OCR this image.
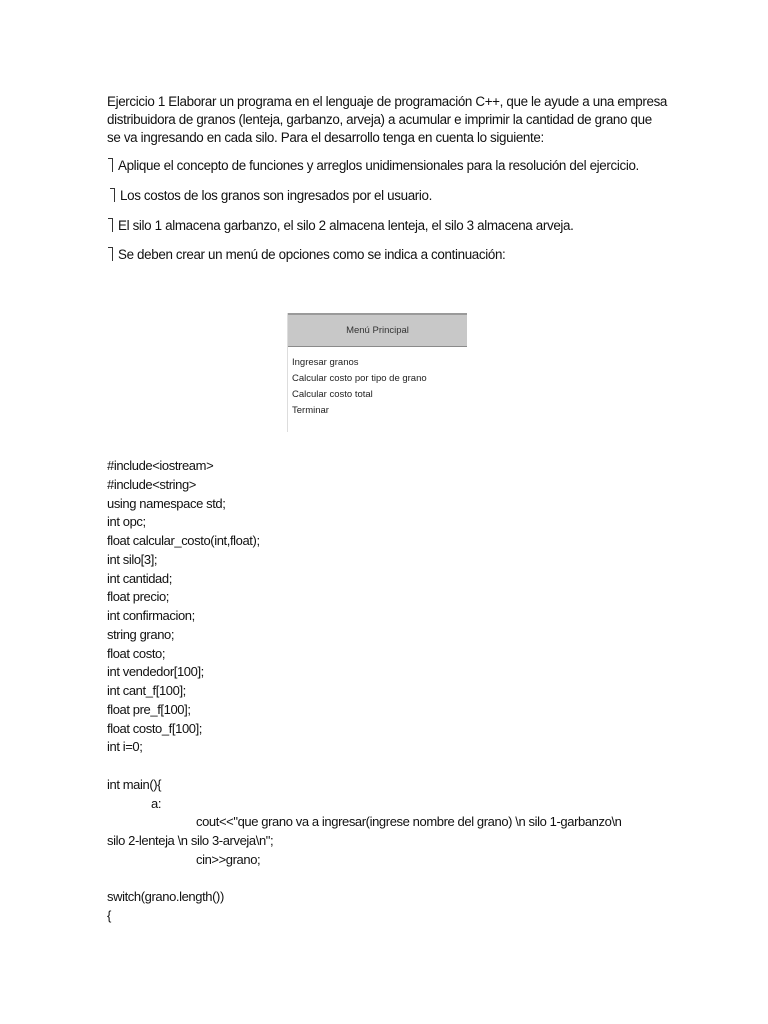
Ejercicio 1 Elaborar un programa en el lenguaje de programación C++, que le ayude a una empresa
distribuidora de granos (lenteja, garbanzo, arveja) a acumular e imprimir la cantidad de grano que
se va ingresando en cada silo. Para el desarrollo tenga en cuenta lo siguiente:
Aplique el concepto de funciones y arreglos unidimensionales para la resolución del ejercicio.
Los costos de los granos son ingresados por el usuario.
El silo 1 almacena garbanzo, el silo 2 almacena lenteja, el silo 3 almacena arveja.
Se deben crear un menú de opciones como se indica a continuación:
Menú Principal
Ingresar granos
Calcular costo por tipo de grano
Calcular costo total
Terminar
#include<iostream>
#include<string>
using namespace std;
int opc;
float calcular_costo(int,float);
int silo[3];
int cantidad;
float precio;
int confirmacion;
string grano;
float costo;
int vendedor[100];
int cant_f[100];
float pre_f[100];
float costo_f[100];
int i=0;
int main(){
a:
cout<<"que grano va a ingresar(ingrese nombre del grano) \n silo 1-garbanzo\n
silo 2-lenteja \n silo 3-arveja\n";
cin>>grano;
switch(grano.length())
{
